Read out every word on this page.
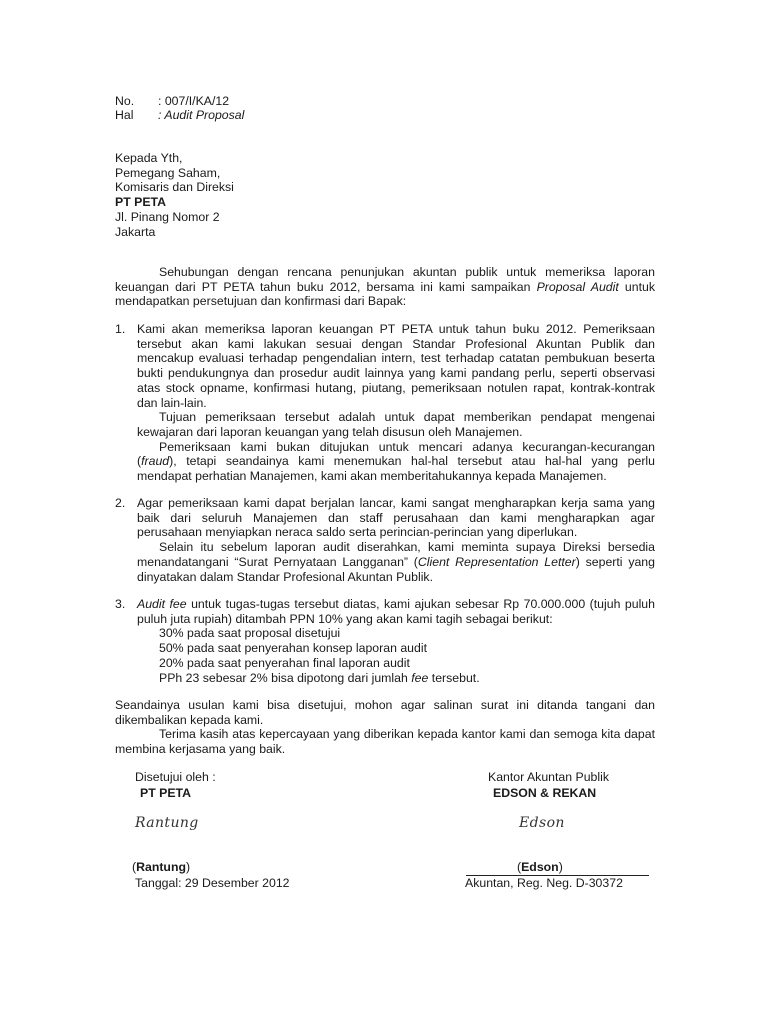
No. : 007/I/KA/12
Hal : Audit Proposal
Kepada Yth,
Pemegang Saham,
Komisaris dan Direksi
PT PETA
Jl. Pinang Nomor 2
Jakarta
Sehubungan dengan rencana penunjukan akuntan publik untuk memeriksa laporan
keuangan dari PT PETA tahun buku 2012, bersama ini kami sampaikan Proposal Audit untuk
mendapatkan persetujuan dan konfirmasi dari Bapak:
1. Kami akan memeriksa laporan keuangan PT PETA untuk tahun buku 2012. Pemeriksaan
tersebut akan kami lakukan sesuai dengan Standar Profesional Akuntan Publik dan
mencakup evaluasi terhadap pengendalian intern, test terhadap catatan pembukuan beserta
bukti pendukungnya dan prosedur audit lainnya yang kami pandang perlu, seperti observasi
atas stock opname, konfirmasi hutang, piutang, pemeriksaan notulen rapat, kontrak-kontrak
dan lain-lain.
Tujuan pemeriksaan tersebut adalah untuk dapat memberikan pendapat mengenai
kewajaran dari laporan keuangan yang telah disusun oleh Manajemen.
Pemeriksaan kami bukan ditujukan untuk mencari adanya kecurangan-kecurangan
(fraud), tetapi seandainya kami menemukan hal-hal tersebut atau hal-hal yang perlu
mendapat perhatian Manajemen, kami akan memberitahukannya kepada Manajemen.
2. Agar pemeriksaan kami dapat berjalan lancar, kami sangat mengharapkan kerja sama yang
baik dari seluruh Manajemen dan staff perusahaan dan kami mengharapkan agar
perusahaan menyiapkan neraca saldo serta perincian-perincian yang diperlukan.
Selain itu sebelum laporan audit diserahkan, kami meminta supaya Direksi bersedia
menandatangani “Surat Pernyataan Langganan” (Client Representation Letter) seperti yang
dinyatakan dalam Standar Profesional Akuntan Publik.
3. Audit fee untuk tugas-tugas tersebut diatas, kami ajukan sebesar Rp 70.000.000 (tujuh puluh
puluh juta rupiah) ditambah PPN 10% yang akan kami tagih sebagai berikut:
30% pada saat proposal disetujui
50% pada saat penyerahan konsep laporan audit
20% pada saat penyerahan final laporan audit
PPh 23 sebesar 2% bisa dipotong dari jumlah fee tersebut.
Seandainya usulan kami bisa disetujui, mohon agar salinan surat ini ditanda tangani dan
dikembalikan kepada kami.
Terima kasih atas kepercayaan yang diberikan kepada kantor kami dan semoga kita dapat
membina kerjasama yang baik.
Disetujui oleh :
PT PETA
Rantung
(Rantung)
Tanggal: 29 Desember 2012
Kantor Akuntan Publik
EDSON & REKAN
Edson
(Edson)
Akuntan, Reg. Neg. D-30372
